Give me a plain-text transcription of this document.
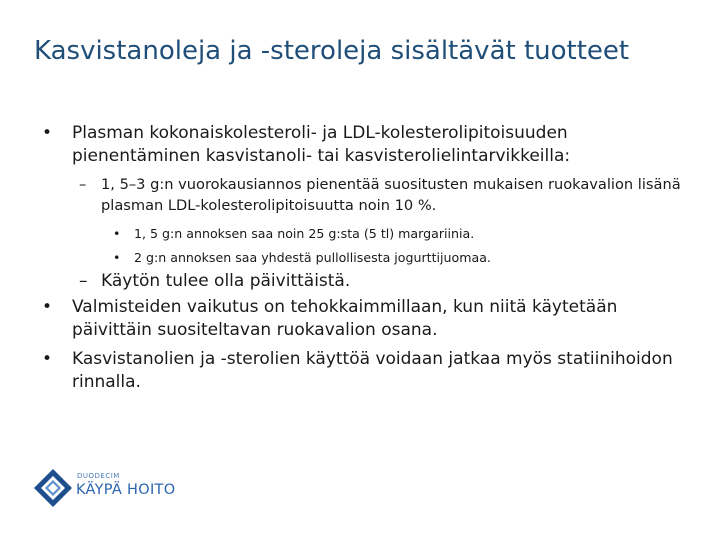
Kasvistanoleja ja -steroleja sisältävät tuotteet
• Plasman kokonaiskolesteroli- ja LDL-kolesterolipitoisuuden pienentäminen kasvistanoli- tai kasvisterolielintarvikkeilla:
– 1, 5–3 g:n vuorokausiannos pienentää suositusten mukaisen ruokavalion lisänä plasman LDL-kolesterolipitoisuutta noin 10 %.
• 1, 5 g:n annoksen saa noin 25 g:sta (5 tl) margariinia.
• 2 g:n annoksen saa yhdestä pullollisesta jogurttijuomaa.
– Käytön tulee olla päivittäistä.
• Valmisteiden vaikutus on tehokkaimmillaan, kun niitä käytetään päivittäin suositeltavan ruokavalion osana.
• Kasvistanolien ja -sterolien käyttöä voidaan jatkaa myös statiinihoidon rinnalla.
DUODECIM
KÄYPÄ HOITO
